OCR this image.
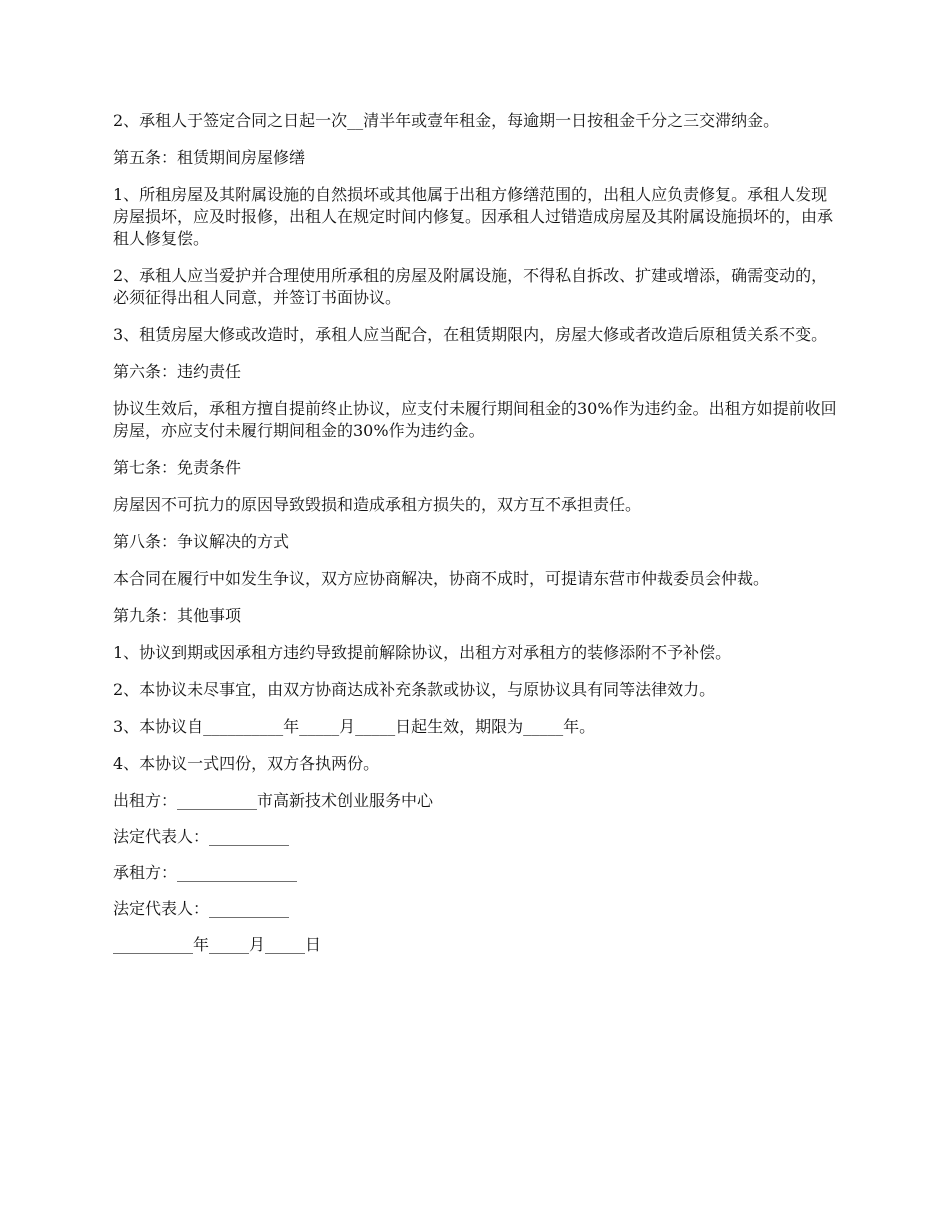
2、承租人于签定合同之日起一次__清半年或壹年租金，每逾期一日按租金千分之三交滞纳金。

第五条：租赁期间房屋修缮

1、所租房屋及其附属设施的自然损坏或其他属于出租方修缮范围的，出租人应负责修复。承租人发现房屋损坏，应及时报修，出租人在规定时间内修复。因承租人过错造成房屋及其附属设施损坏的，由承租人修复偿。

2、承租人应当爱护并合理使用所承租的房屋及附属设施，不得私自拆改、扩建或增添，确需变动的，必须征得出租人同意，并签订书面协议。

3、租赁房屋大修或改造时，承租人应当配合，在租赁期限内，房屋大修或者改造后原租赁关系不变。

第六条：违约责任

协议生效后，承租方擅自提前终止协议，应支付未履行期间租金的30%作为违约金。出租方如提前收回房屋，亦应支付未履行期间租金的30%作为违约金。

第七条：免责条件

房屋因不可抗力的原因导致毁损和造成承租方损失的，双方互不承担责任。

第八条：争议解决的方式

本合同在履行中如发生争议，双方应协商解决，协商不成时，可提请东营市仲裁委员会仲裁。

第九条：其他事项

1、协议到期或因承租方违约导致提前解除协议，出租方对承租方的装修添附不予补偿。

2、本协议未尽事宜，由双方协商达成补充条款或协议，与原协议具有同等法律效力。

3、本协议自__________年_____月_____日起生效，期限为_____年。

4、本协议一式四份，双方各执两份。

出租方：__________市高新技术创业服务中心

法定代表人：__________

承租方：_______________

法定代表人：__________

__________年_____月_____日
